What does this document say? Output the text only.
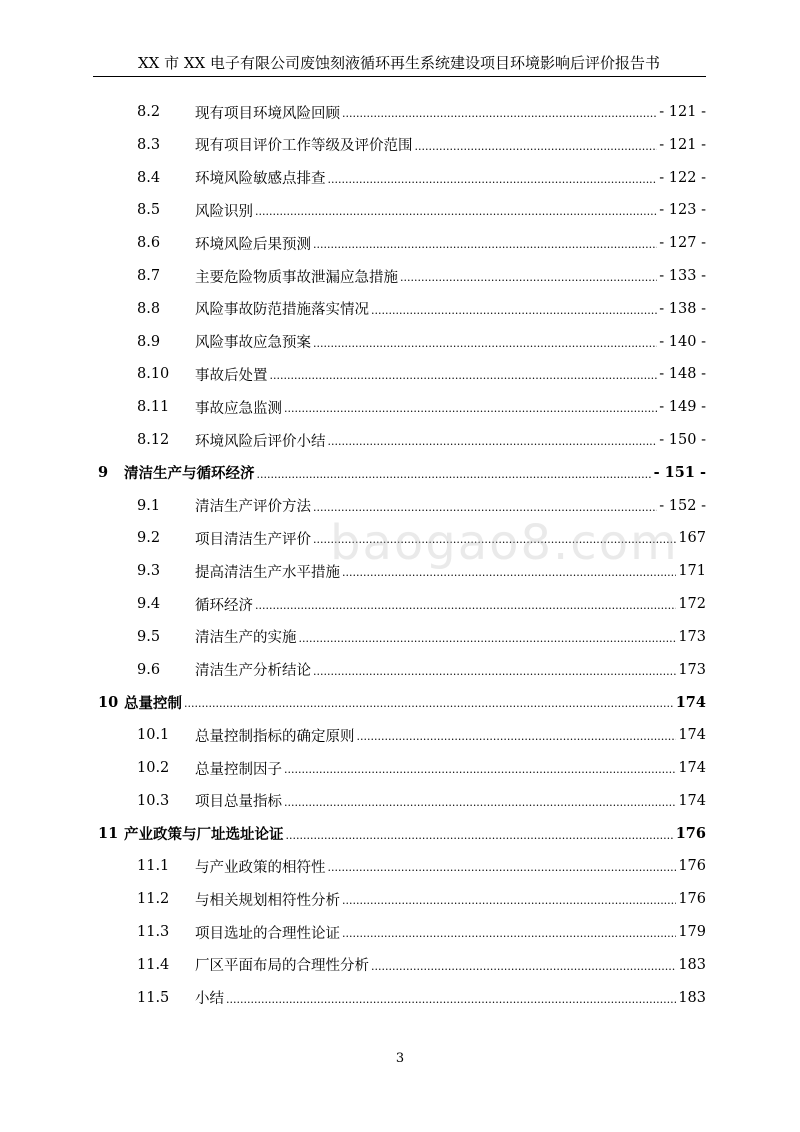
XX 市 XX 电子有限公司废蚀刻液循环再生系统建设项目环境影响后评价报告书
8.2	现有项目环境风险回顾 .....	- 121 -
8.3	现有项目评价工作等级及评价范围 .....	- 121 -
8.4	环境风险敏感点排查 .....	- 122 -
8.5	风险识别 .....	- 123 -
8.6	环境风险后果预测 .....	- 127 -
8.7	主要危险物质事故泄漏应急措施 .....	- 133 -
8.8	风险事故防范措施落实情况 .....	- 138 -
8.9	风险事故应急预案 .....	- 140 -
8.10	事故后处置 .....	- 148 -
8.11	事故应急监测 .....	- 149 -
8.12	环境风险后评价小结 .....	- 150 -
9	清洁生产与循环经济 .....	- 151 -
9.1	清洁生产评价方法 .....	- 152 -
9.2	项目清洁生产评价 .....	167
9.3	提高清洁生产水平措施 .....	171
9.4	循环经济 .....	172
9.5	清洁生产的实施 .....	173
9.6	清洁生产分析结论 .....	173
10 总量控制 .....	174
10.1	总量控制指标的确定原则 .....	174
10.2	总量控制因子 .....	174
10.3	项目总量指标 .....	174
11 产业政策与厂址选址论证 .....	176
11.1	与产业政策的相符性 .....	176
11.2	与相关规划相符性分析 .....	176
11.3	项目选址的合理性论证 .....	179
11.4	厂区平面布局的合理性分析 .....	183
11.5	小结 .....	183
baogao8.com
3
